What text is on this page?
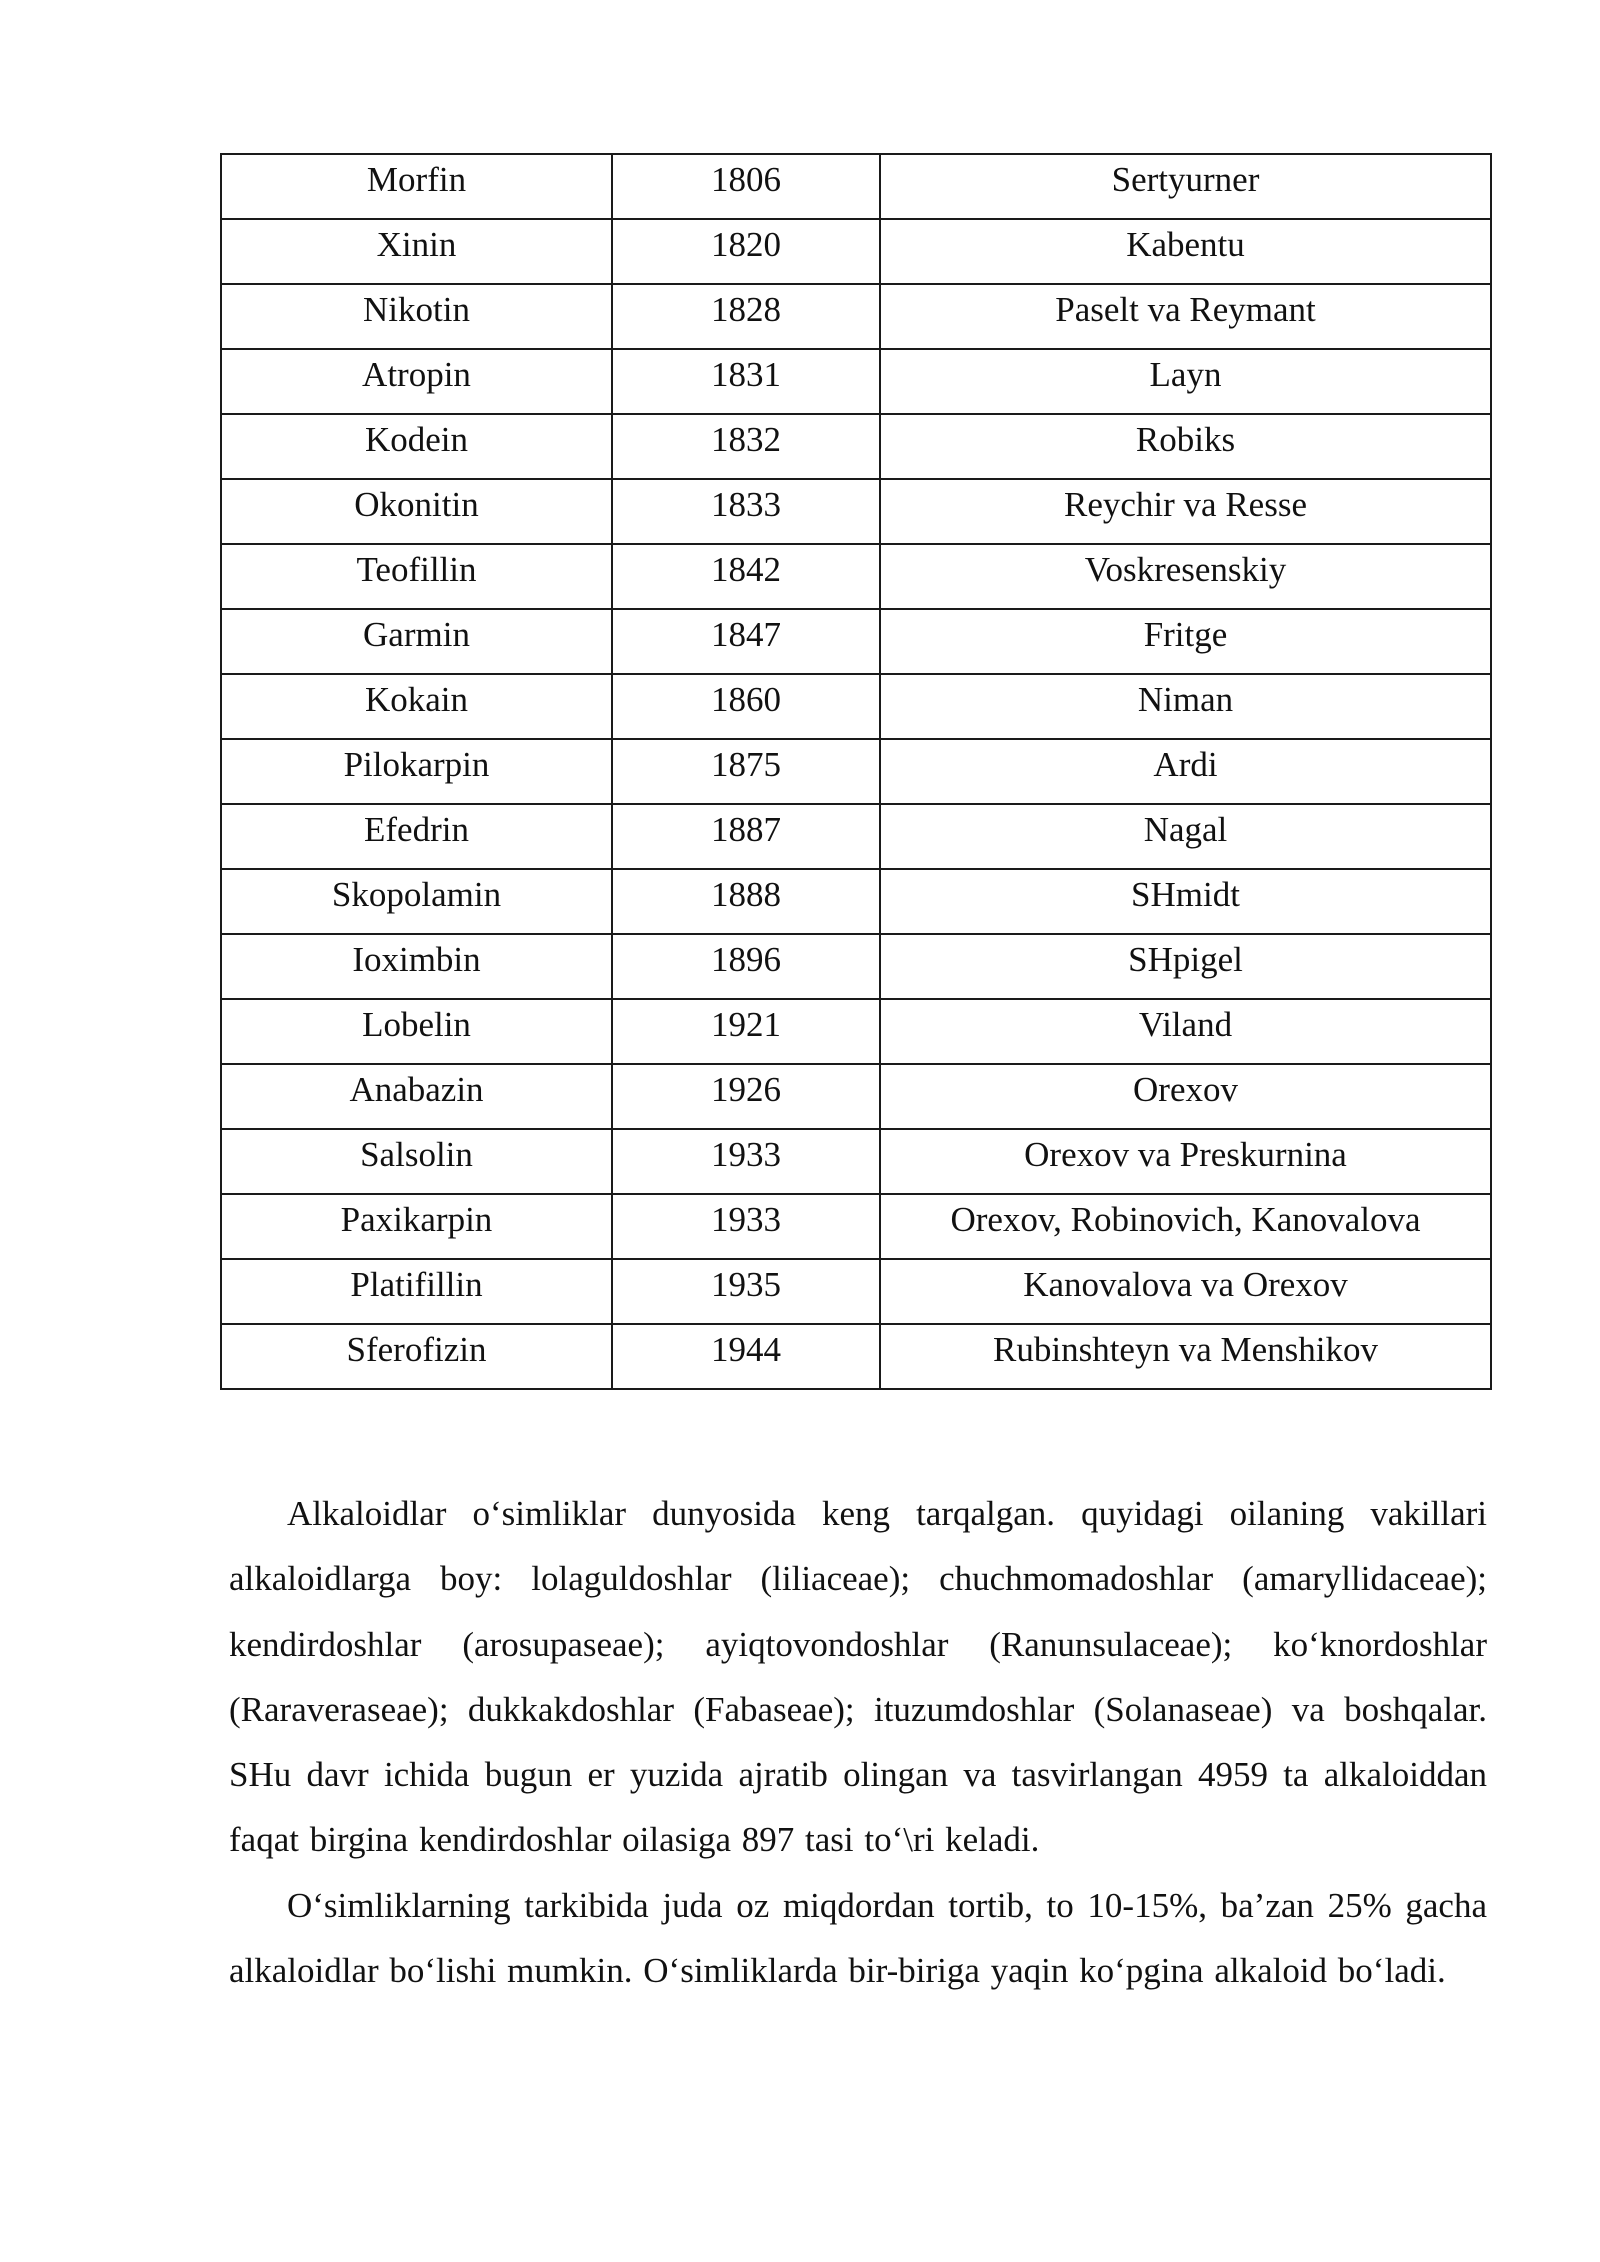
Morfin	1806	Sertyurner
Xinin	1820	Kabentu
Nikotin	1828	Paselt va Reymant
Atropin	1831	Layn
Kodein	1832	Robiks
Okonitin	1833	Reychir va Resse
Teofillin	1842	Voskresenskiy
Garmin	1847	Fritge
Kokain	1860	Niman
Pilokarpin	1875	Ardi
Efedrin	1887	Nagal
Skopolamin	1888	SHmidt
Ioximbin	1896	SHpigel
Lobelin	1921	Viland
Anabazin	1926	Orexov
Salsolin	1933	Orexov va Preskurnina
Paxikarpin	1933	Orexov, Robinovich, Kanovalova
Platifillin	1935	Kanovalova va Orexov
Sferofizin	1944	Rubinshteyn va Menshikov

Alkaloidlar o‘simliklar dunyosida keng tarqalgan. quyidagi oilaning vakillari alkaloidlarga boy: lolaguldoshlar (liliaceae); chuchmomadoshlar (amaryllidaceae); kendirdoshlar (arosupaseae); ayiqtovondoshlar (Ranunsulaceae); ko‘knordoshlar (Raraveraseae); dukkakdoshlar (Fabaseae); ituzumdoshlar (Solanaseae) va boshqalar. SHu davr ichida bugun er yuzida ajratib olingan va tasvirlangan 4959 ta alkaloiddan faqat birgina kendirdoshlar oilasiga 897 tasi to‘\ri keladi.

O‘simliklarning tarkibida juda oz miqdordan tortib, to 10-15%, ba’zan 25% gacha alkaloidlar bo‘lishi mumkin. O‘simliklarda bir-biriga yaqin ko‘pgina alkaloid bo‘ladi.
